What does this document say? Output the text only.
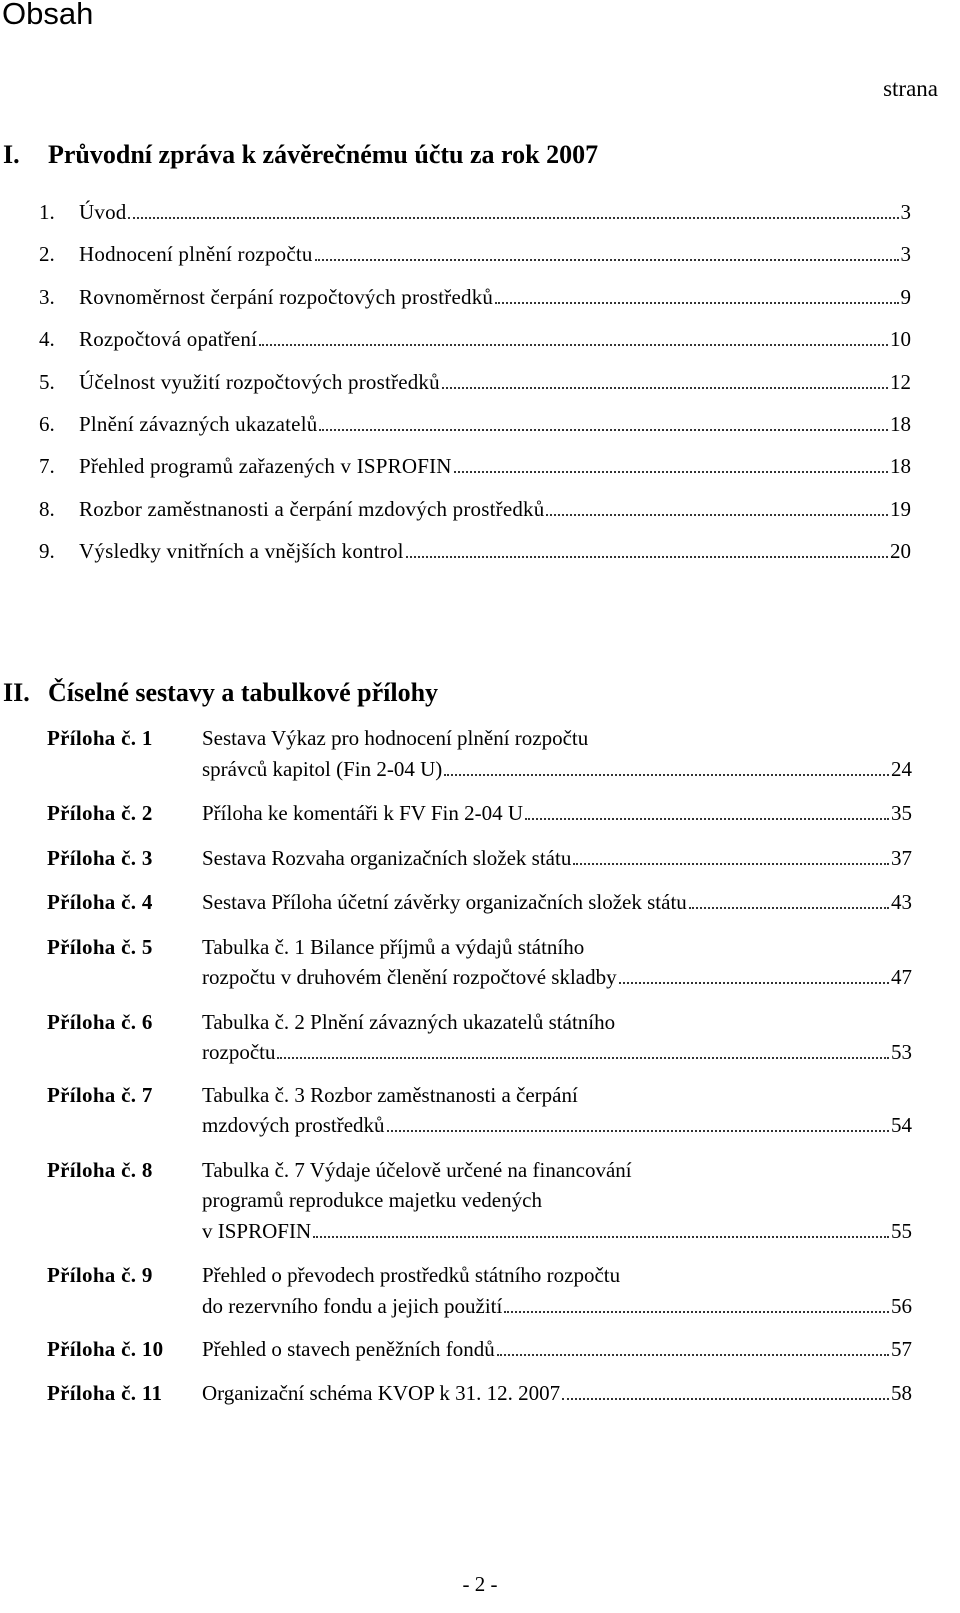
Obsah
strana
I. Průvodní zpráva k závěrečnému účtu za rok 2007
1.	Úvod	3
2.	Hodnocení plnění rozpočtu	3
3.	Rovnoměrnost čerpání rozpočtových prostředků	9
4.	Rozpočtová opatření	10
5.	Účelnost využití rozpočtových prostředků	12
6.	Plnění závazných ukazatelů	18
7.	Přehled programů zařazených v ISPROFIN	18
8.	Rozbor zaměstnanosti a čerpání mzdových prostředků	19
9.	Výsledky vnitřních a vnějších kontrol	20
II. Číselné sestavy a tabulkové přílohy
Příloha č. 1	Sestava Výkaz pro hodnocení plnění rozpočtu
správců kapitol (Fin 2-04 U)	24
Příloha č. 2	Příloha ke komentáři k FV Fin 2-04 U	35
Příloha č. 3	Sestava Rozvaha organizačních složek státu	37
Příloha č. 4	Sestava Příloha účetní závěrky organizačních složek státu	43
Příloha č. 5	Tabulka č. 1 Bilance příjmů a výdajů státního
rozpočtu v druhovém členění rozpočtové skladby	47
Příloha č. 6	Tabulka č. 2 Plnění závazných ukazatelů státního
rozpočtu	53
Příloha č. 7	Tabulka č. 3 Rozbor zaměstnanosti a čerpání
mzdových prostředků	54
Příloha č. 8	Tabulka č. 7 Výdaje účelově určené na financování
programů reprodukce majetku vedených
v ISPROFIN	55
Příloha č. 9	Přehled o převodech prostředků státního rozpočtu
do rezervního fondu a jejich použití	56
Příloha č. 10	Přehled o stavech peněžních fondů	57
Příloha č. 11	Organizační schéma KVOP k 31. 12. 2007	58
- 2 -
